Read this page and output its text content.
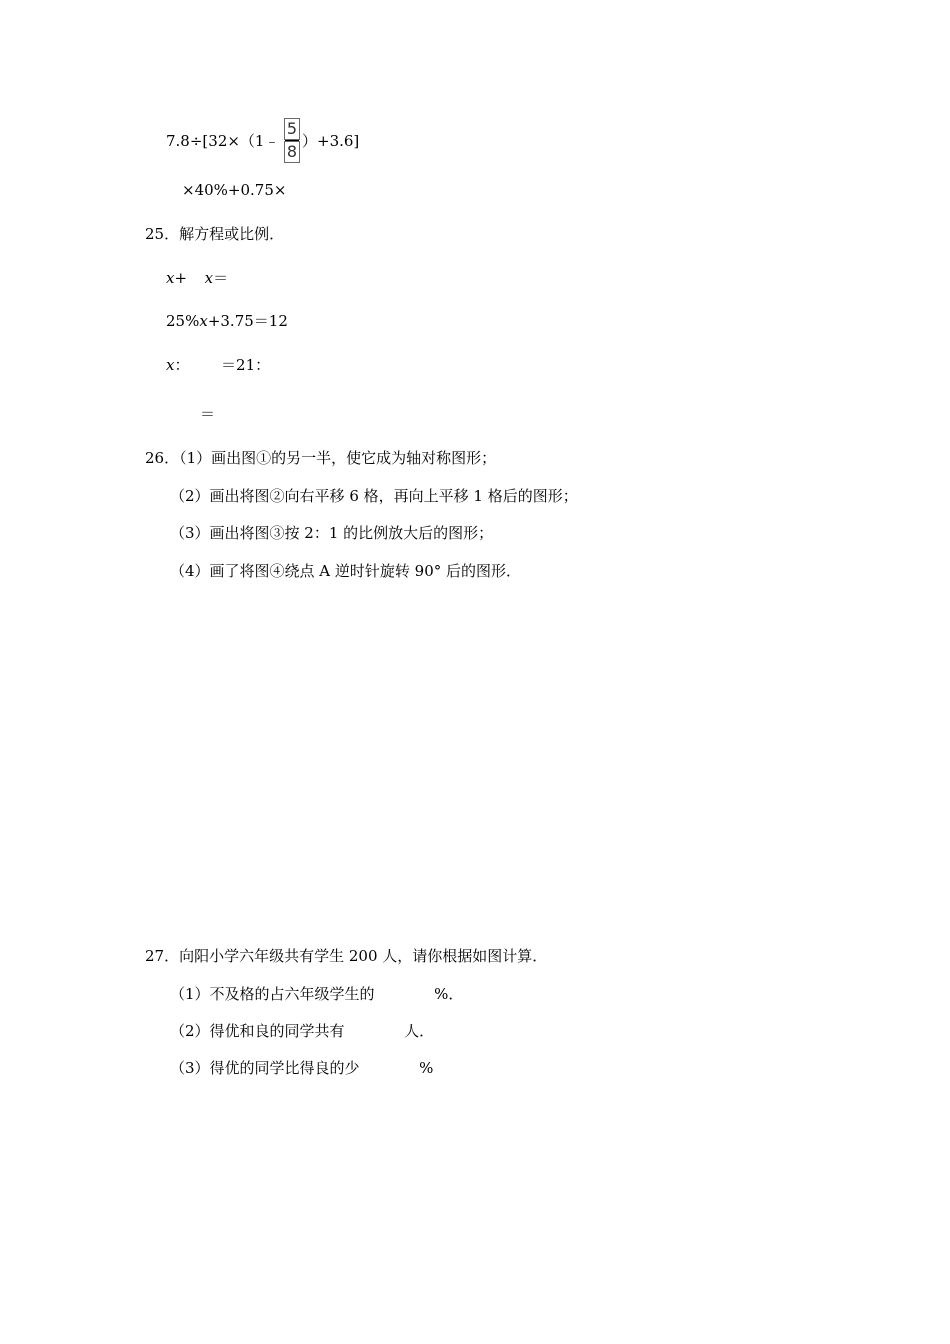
7.8÷[32×（1﹣ $\frac{5}{8} )+3.6$]
×40%+0.75×
25．解方程或比例．
x+ x＝
25%x+3.75＝12
x： ＝21：
＝
26．（1）画出图①的另一半，使它成为轴对称图形；
（2）画出将图②向右平移 6 格，再向上平移 1 格后的图形；
（3）画出将图③按 2：1 的比例放大后的图形；
（4）画了将图④绕点 A 逆时针旋转 90° 后的图形．
27．向阳小学六年级共有学生 200 人，请你根据如图计算．
（1）不及格的占六年级学生的	%．
（2）得优和良的同学共有	人．
（3）得优的同学比得良的少	%
